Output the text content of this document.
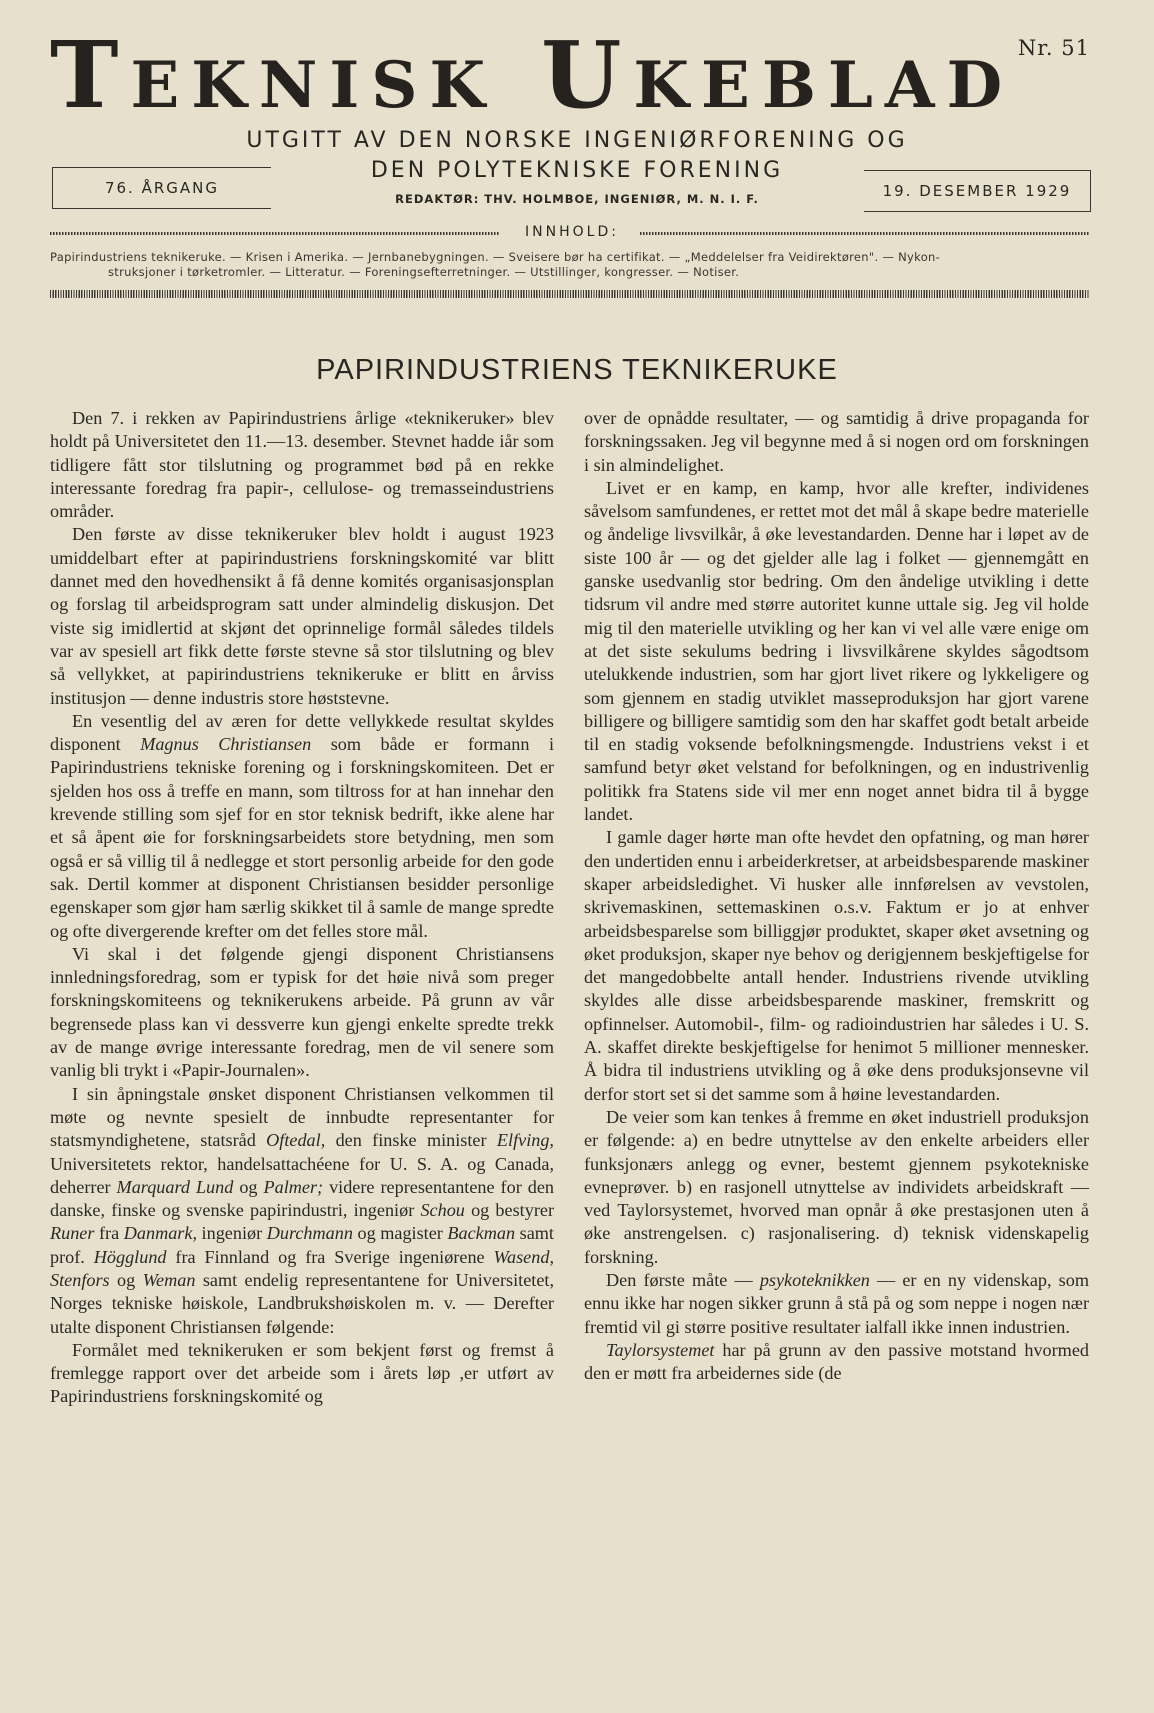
Teknisk Ukeblad Nr. 51
UTGITT AV DEN NORSKE INGENIØRFORENING OG
DEN POLYTEKNISKE FORENING
REDAKTØR: THV. HOLMBOE, INGENIØR, M. N. I. F.
76. ÅRGANG	19. DESEMBER 1929
INNHOLD:
Papirindustriens teknikeruke. — Krisen i Amerika. — Jernbanebygningen. — Sveisere bør ha certifikat. — „Meddelelser fra Veidirektøren". — Nykon-
struksjoner i tørketromler. — Litteratur. — Foreningsefterretninger. — Utstillinger, kongresser. — Notiser.
PAPIRINDUSTRIENS TEKNIKERUKE

Den 7. i rekken av Papirindustriens årlige «teknikeruker» blev holdt på Universitetet den 11.—13. desember. Stevnet hadde iår som tidligere fått stor tilslutning og programmet bød på en rekke interessante foredrag fra papir-, cellulose- og tremasseindustriens områder.

Den første av disse teknikeruker blev holdt i august 1923 umiddelbart efter at papirindustriens forskningskomité var blitt dannet med den hovedhensikt å få denne komités organisasjonsplan og forslag til arbeidsprogram satt under almindelig diskusjon. Det viste sig imidlertid at skjønt det oprinnelige formål således tildels var av spesiell art fikk dette første stevne så stor tilslutning og blev så vellykket, at papirindustriens teknikeruke er blitt en årviss institusjon — denne industris store høststevne.

En vesentlig del av æren for dette vellykkede resultat skyldes disponent Magnus Christiansen som både er formann i Papirindustriens tekniske forening og i forskningskomiteen. Det er sjelden hos oss å treffe en mann, som tiltross for at han innehar den krevende stilling som sjef for en stor teknisk bedrift, ikke alene har et så åpent øie for forskningsarbeidets store betydning, men som også er så villig til å nedlegge et stort personlig arbeide for den gode sak. Dertil kommer at disponent Christiansen besidder personlige egenskaper som gjør ham særlig skikket til å samle de mange spredte og ofte divergerende krefter om det felles store mål.

Vi skal i det følgende gjengi disponent Christiansens innledningsforedrag, som er typisk for det høie nivå som preger forskningskomiteens og teknikerukens arbeide. På grunn av vår begrensede plass kan vi dessverre kun gjengi enkelte spredte trekk av de mange øvrige interessante foredrag, men de vil senere som vanlig bli trykt i «Papir-Journalen».

I sin åpningstale ønsket disponent Christiansen velkommen til møte og nevnte spesielt de innbudte representanter for statsmyndighetene, statsråd Oftedal, den finske minister Elfving, Universitetets rektor, handelsattachéene for U. S. A. og Canada, deherrer Marquard Lund og Palmer; videre representantene for den danske, finske og svenske papirindustri, ingeniør Schou og bestyrer Runer fra Danmark, ingeniør Durchmann og magister Backman samt prof. Högglund fra Finnland og fra Sverige ingeniørene Wasend, Stenfors og Weman samt endelig representantene for Universitetet, Norges tekniske høiskole, Landbrukshøiskolen m. v. — Derefter utalte disponent Christiansen følgende:

Formålet med teknikeruken er som bekjent først og fremst å fremlegge rapport over det arbeide som i årets løp ,er utført av Papirindustriens forskningskomité og

over de opnådde resultater, — og samtidig å drive propaganda for forskningssaken. Jeg vil begynne med å si nogen ord om forskningen i sin almindelighet.

Livet er en kamp, en kamp, hvor alle krefter, individenes såvelsom samfundenes, er rettet mot det mål å skape bedre materielle og åndelige livsvilkår, å øke levestandarden. Denne har i løpet av de siste 100 år — og det gjelder alle lag i folket — gjennemgått en ganske usedvanlig stor bedring. Om den åndelige utvikling i dette tidsrum vil andre med større autoritet kunne uttale sig. Jeg vil holde mig til den materielle utvikling og her kan vi vel alle være enige om at det siste sekulums bedring i livsvilkårene skyldes sågodtsom utelukkende industrien, som har gjort livet rikere og lykkeligere og som gjennem en stadig utviklet masseproduksjon har gjort varene billigere og billigere samtidig som den har skaffet godt betalt arbeide til en stadig voksende befolkningsmengde. Industriens vekst i et samfund betyr øket velstand for befolkningen, og en industrivenlig politikk fra Statens side vil mer enn noget annet bidra til å bygge landet.

I gamle dager hørte man ofte hevdet den opfatning, og man hører den undertiden ennu i arbeiderkretser, at arbeidsbesparende maskiner skaper arbeidsledighet. Vi husker alle innførelsen av vevstolen, skrivemaskinen, settemaskinen o.s.v. Faktum er jo at enhver arbeidsbesparelse som billiggjør produktet, skaper øket avsetning og øket produksjon, skaper nye behov og derigjennem beskjeftigelse for det mangedobbelte antall hender. Industriens rivende utvikling skyldes alle disse arbeidsbesparende maskiner, fremskritt og opfinnelser. Automobil-, film- og radioindustrien har således i U. S. A. skaffet direkte beskjeftigelse for henimot 5 millioner mennesker. Å bidra til industriens utvikling og å øke dens produksjonsevne vil derfor stort set si det samme som å høine levestandarden.

De veier som kan tenkes å fremme en øket industriell produksjon er følgende: a) en bedre utnyttelse av den enkelte arbeiders eller funksjonærs anlegg og evner, bestemt gjennem psykotekniske evneprøver. b) en rasjonell utnyttelse av individets arbeidskraft — ved Taylorsystemet, hvorved man opnår å øke prestasjonen uten å øke anstrengelsen. c) rasjonalisering. d) teknisk videnskapelig forskning.

Den første måte — psykoteknikken — er en ny videnskap, som ennu ikke har nogen sikker grunn å stå på og som neppe i nogen nær fremtid vil gi større positive resultater ialfall ikke innen industrien.

Taylorsystemet har på grunn av den passive motstand hvormed den er møtt fra arbeidernes side (de
